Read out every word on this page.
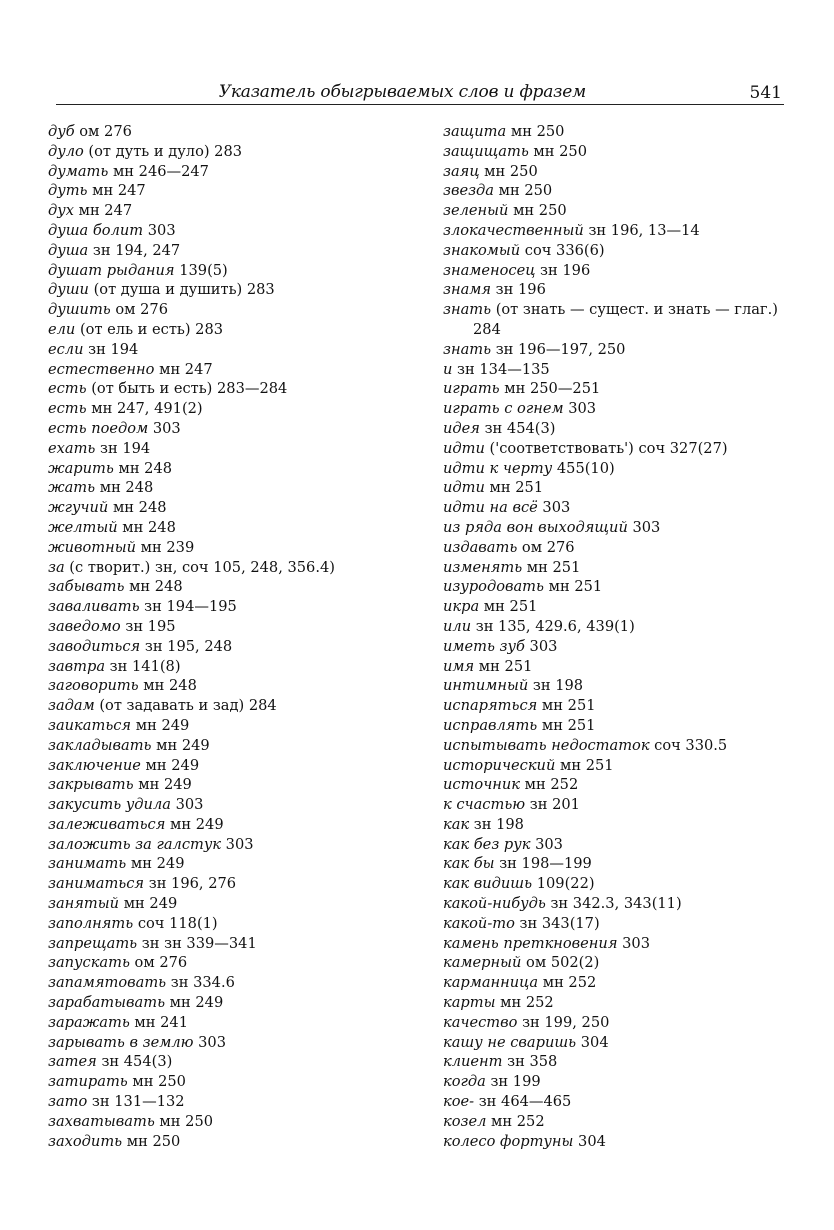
Указатель обыгрываемых слов и фразем	541
дуб ом 276
дуло (от дуть и дуло) 283
думать мн 246—247
дуть мн 247
дух мн 247
душа болит 303
душа зн 194, 247
душат рыдания 139(5)
души (от душа и душить) 283
душить ом 276
ели (от ель и есть) 283
если зн 194
естественно мн 247
есть (от быть и есть) 283—284
есть мн 247, 491(2)
есть поедом 303
ехать зн 194
жарить мн 248
жать мн 248
жгучий мн 248
желтый мн 248
животный мн 239
за (с творит.) зн, соч 105, 248, 356.4)
забывать мн 248
заваливать зн 194—195
заведомо зн 195
заводиться зн 195, 248
завтра зн 141(8)
заговорить мн 248
задам (от задавать и зад) 284
заикаться мн 249
закладывать мн 249
заключение мн 249
закрывать мн 249
закусить удила 303
залеживаться мн 249
заложить за галстук 303
занимать мн 249
заниматься зн 196, 276
занятый мн 249
заполнять соч 118(1)
запрещать зн зн 339—341
запускать ом 276
запамятовать зн 334.6
зарабатывать мн 249
заражать мн 241
зарывать в землю 303
затея зн 454(3)
затирать мн 250
зато зн 131—132
захватывать мн 250
заходить мн 250
защита мн 250
защищать мн 250
заяц мн 250
звезда мн 250
зеленый мн 250
злокачественный зн 196, 13—14
знакомый соч 336(6)
знаменосец зн 196
знамя зн 196
знать (от знать — сущест. и знать — глаг.) 284
знать зн 196—197, 250
и зн 134—135
играть мн 250—251
играть с огнем 303
идея зн 454(3)
идти ('соответствовать') соч 327(27)
идти к черту 455(10)
идти мн 251
идти на всё 303
из ряда вон выходящий 303
издавать ом 276
изменять мн 251
изуродовать мн 251
икра мн 251
или зн 135, 429.6, 439(1)
иметь зуб 303
имя мн 251
интимный зн 198
испаряться мн 251
исправлять мн 251
испытывать недостаток соч 330.5
исторический мн 251
источник мн 252
к счастью зн 201
как зн 198
как без рук 303
как бы зн 198—199
как видишь 109(22)
какой-нибудь зн 342.3, 343(11)
какой-то зн 343(17)
камень преткновения 303
камерный ом 502(2)
карманница мн 252
карты мн 252
качество зн 199, 250
кашу не сваришь 304
клиент зн 358
когда зн 199
кое- зн 464—465
козел мн 252
колесо фортуны 304
